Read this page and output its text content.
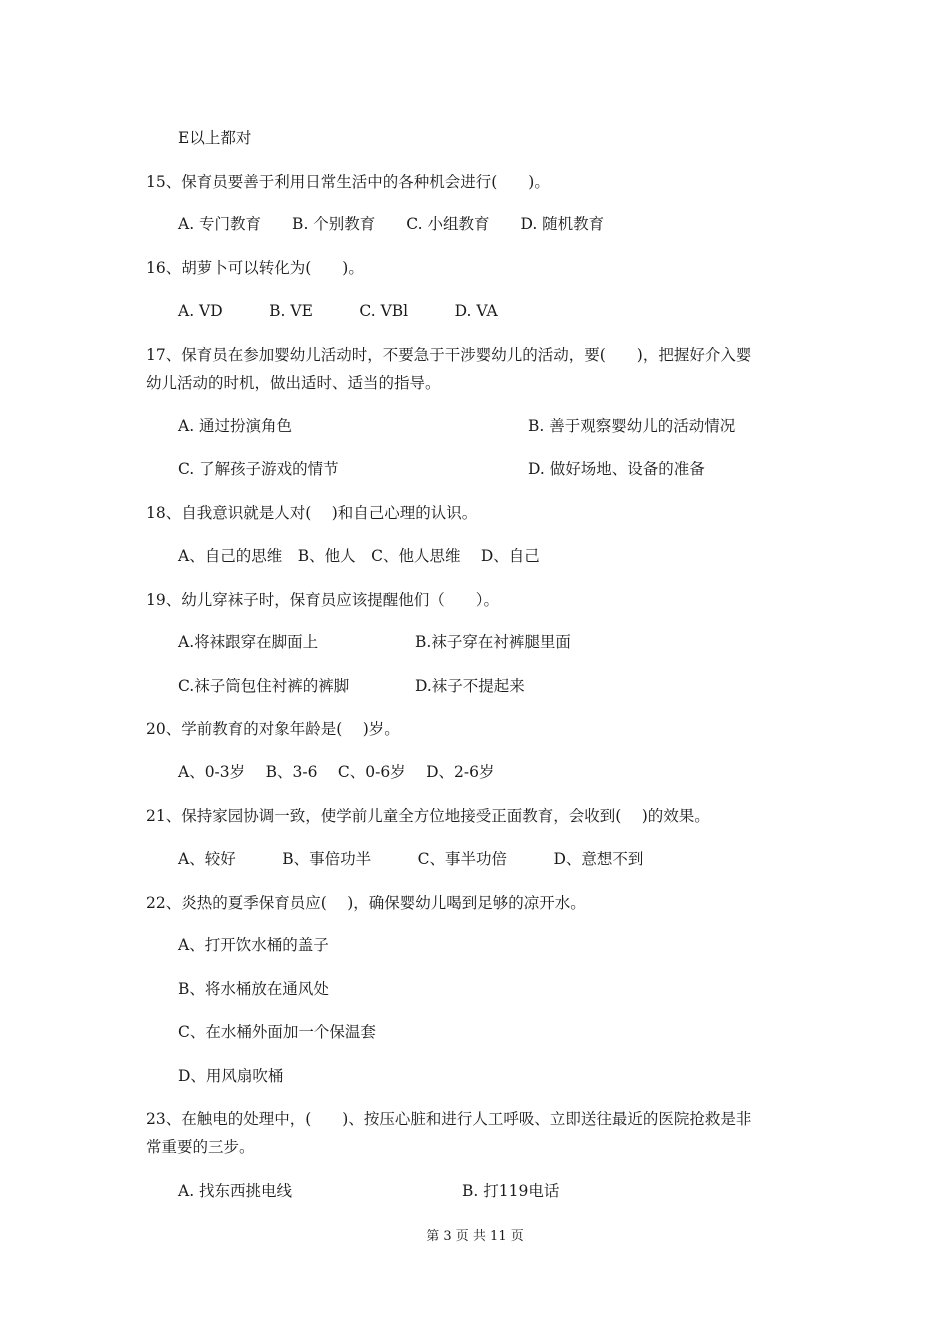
E以上都对
15、保育员要善于利用日常生活中的各种机会进行(　　)。
A. 专门教育　　B. 个别教育　　C. 小组教育　　D. 随机教育
16、胡萝卜可以转化为(　　)。
A. VD　　　B. VE　　　C. VBl　　　D. VA
17、保育员在参加婴幼儿活动时，不要急于干涉婴幼儿的活动，要(　　)，把握好介入婴
幼儿活动的时机，做出适时、适当的指导。
A. 通过扮演角色	B. 善于观察婴幼儿的活动情况
C. 了解孩子游戏的情节	D. 做好场地、设备的准备
18、自我意识就是人对(　 )和自己心理的认识。
A、自己的思维　B、他人　C、他人思维　 D、自己
19、幼儿穿袜子时，保育员应该提醒他们（　　）。
A.将袜跟穿在脚面上	B.袜子穿在衬裤腿里面
C.袜子筒包住衬裤的裤脚	D.袜子不提起来
20、学前教育的对象年龄是(　 )岁。
A、0-3岁　 B、3-6　 C、0-6岁　 D、2-6岁
21、保持家园协调一致，使学前儿童全方位地接受正面教育，会收到(　 )的效果。
A、较好　　　B、事倍功半　　　C、事半功倍　　　D、意想不到
22、炎热的夏季保育员应(　 )，确保婴幼儿喝到足够的凉开水。
A、打开饮水桶的盖子
B、将水桶放在通风处
C、在水桶外面加一个保温套
D、用风扇吹桶
23、在触电的处理中，(　　)、按压心脏和进行人工呼吸、立即送往最近的医院抢救是非
常重要的三步。
A. 找东西挑电线	B. 打119电话
第 3 页 共 11 页
